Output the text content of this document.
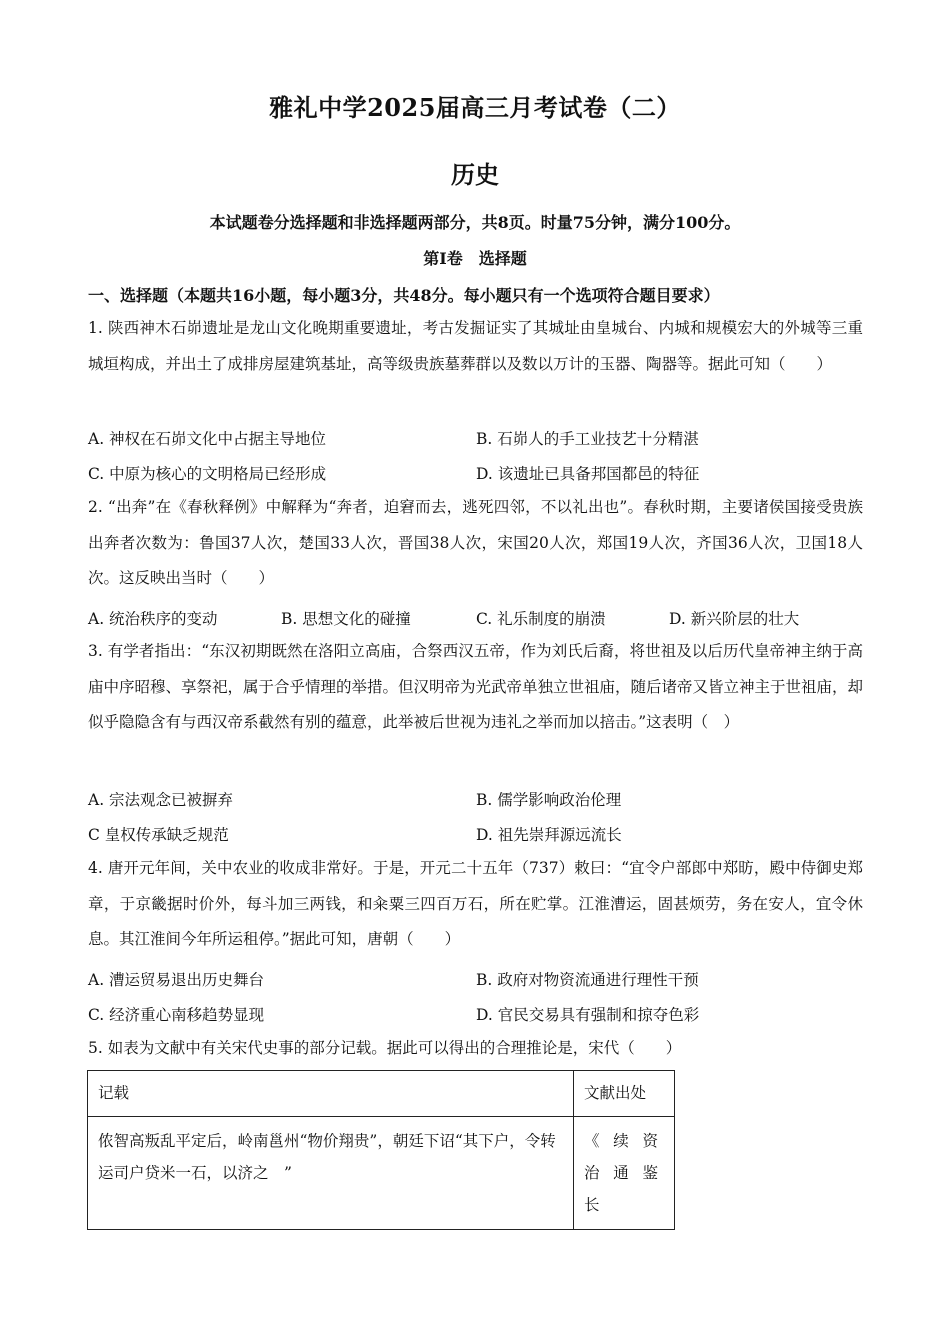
雅礼中学2025届高三月考试卷（二）
历史
本试题卷分选择题和非选择题两部分，共8页。时量75分钟，满分100分。
第Ⅰ卷　选择题
一、选择题（本题共16小题，每小题3分，共48分。每小题只有一个选项符合题目要求）
1. 陕西神木石峁遗址是龙山文化晚期重要遗址，考古发掘证实了其城址由皇城台、内城和规模宏大的外城等三重城垣构成，并出土了成排房屋建筑基址，高等级贵族墓葬群以及数以万计的玉器、陶器等。据此可知（　　）
A. 神权在石峁文化中占据主导地位	B. 石峁人的手工业技艺十分精湛
C. 中原为核心的文明格局已经形成	D. 该遗址已具备邦国都邑的特征
2. “出奔”在《春秋释例》中解释为“奔者，迫窘而去，逃死四邻，不以礼出也”。春秋时期，主要诸侯国接受贵族出奔者次数为：鲁国37人次，楚国33人次，晋国38人次，宋国20人次，郑国19人次，齐国36人次，卫国18人次。这反映出当时（　　）
A. 统治秩序的变动	B. 思想文化的碰撞	C. 礼乐制度的崩溃	D. 新兴阶层的壮大
3. 有学者指出：“东汉初期既然在洛阳立高庙，合祭西汉五帝，作为刘氏后裔，将世祖及以后历代皇帝神主纳于高庙中序昭穆、享祭祀，属于合乎情理的举措。但汉明帝为光武帝单独立世祖庙，随后诸帝又皆立神主于世祖庙，却似乎隐隐含有与西汉帝系截然有别的蕴意，此举被后世视为违礼之举而加以掊击。”这表明（　）
A. 宗法观念已被摒弃	B. 儒学影响政治伦理
C 皇权传承缺乏规范	D. 祖先崇拜源远流长
4. 唐开元年间，关中农业的收成非常好。于是，开元二十五年（737）敕曰：“宜令户部郎中郑昉，殿中侍御史郑章，于京畿据时价外，每斗加三两钱，和籴粟三四百万石，所在贮掌。江淮漕运，固甚烦劳，务在安人，宜令休息。其江淮间今年所运租停。”据此可知，唐朝（　　）
A. 漕运贸易退出历史舞台	B. 政府对物资流通进行理性干预
C. 经济重心南移趋势显现	D. 官民交易具有强制和掠夺色彩
5. 如表为文献中有关宋代史事的部分记载。据此可以得出的合理推论是，宋代（　　）
记载	文献出处
侬智高叛乱平定后，岭南邕州“物价翔贵”，朝廷下诏“其下户，令转运司户贷米一石，以济之　”	《续资治通鉴长
